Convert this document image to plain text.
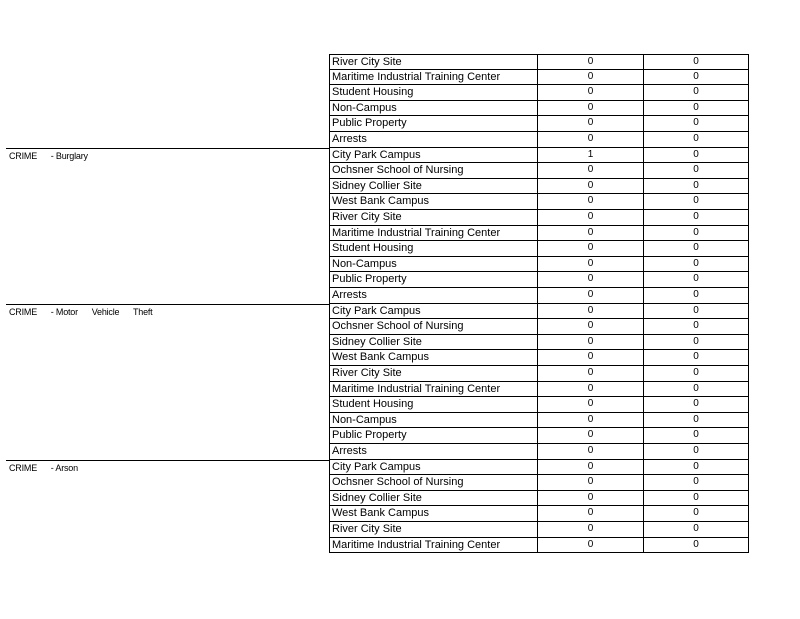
River City Site	0	0
Maritime Industrial Training Center	0	0
Student Housing	0	0
Non-Campus	0	0
Public Property	0	0
Arrests	0	0
CRIME      - Burglary	City Park Campus	1	0
Ochsner School of Nursing	0	0
Sidney Collier Site	0	0
West Bank Campus	0	0
River City Site	0	0
Maritime Industrial Training Center	0	0
Student Housing	0	0
Non-Campus	0	0
Public Property	0	0
Arrests	0	0
CRIME      - Motor      Vehicle      Theft	City Park Campus	0	0
Ochsner School of Nursing	0	0
Sidney Collier Site	0	0
West Bank Campus	0	0
River City Site	0	0
Maritime Industrial Training Center	0	0
Student Housing	0	0
Non-Campus	0	0
Public Property	0	0
Arrests	0	0
CRIME      - Arson	City Park Campus	0	0
Ochsner School of Nursing	0	0
Sidney Collier Site	0	0
West Bank Campus	0	0
River City Site	0	0
Maritime Industrial Training Center	0	0
